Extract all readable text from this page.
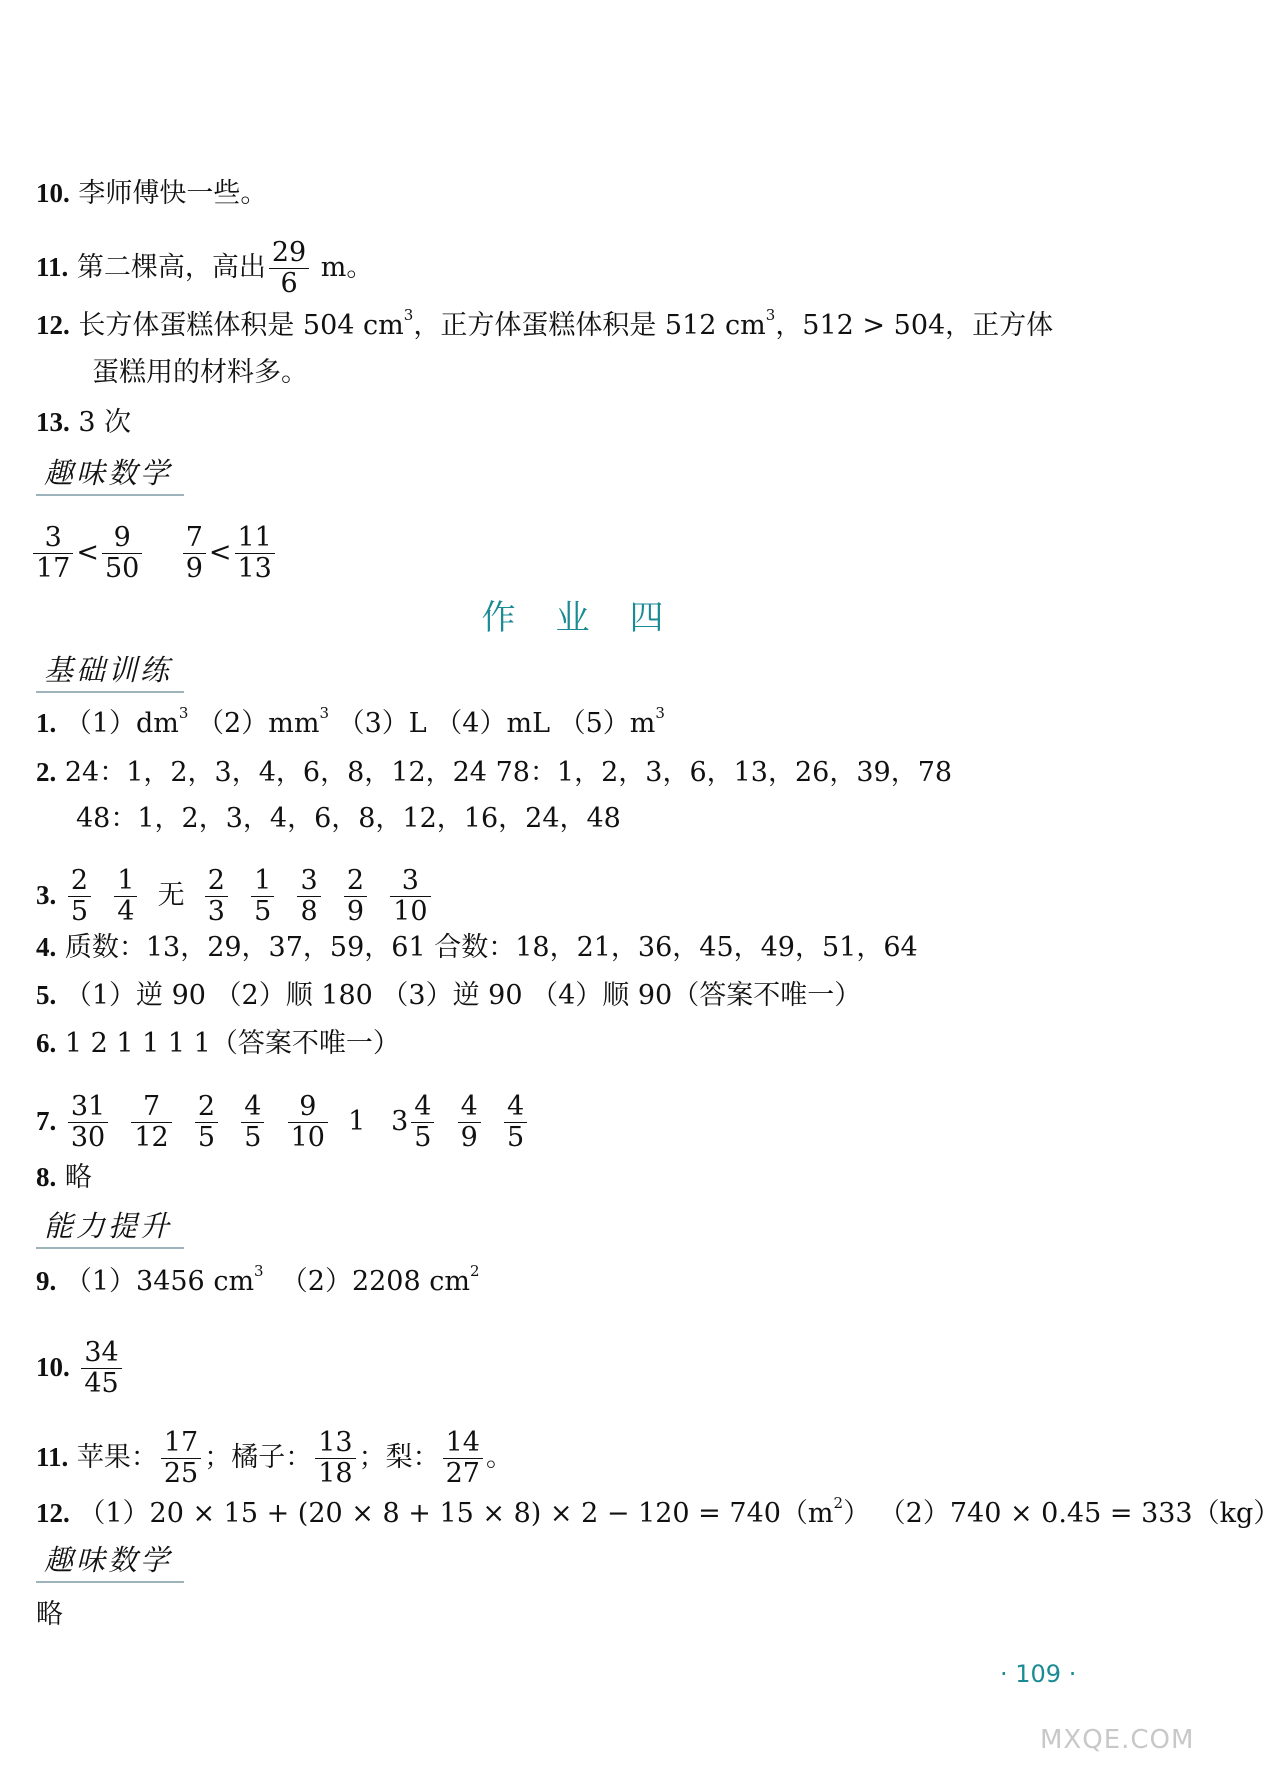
10. 李师傅快一些。
11. 第二棵高，高出 $\frac{29}{6}$ m。
12. 长方体蛋糕体积是 504 $cm^3$，正方体蛋糕体积是 512 $cm^3$，512 > 504，正方体
蛋糕用的材料多。
13. 3 次
趣味数学
$\frac{3}{17} < \frac{9}{50}$
$\frac{7}{9} < \frac{11}{13}$
作业四
基础训练
1. $(1)dm^3$ $(2)mm^3$ （3）L （4）mL $(5)m^3$
2. 24：1，2，3，4，6，8，12，24 78：1，2，3，6，13，26，39，78
48：1，2，3，4，6，8，12，16，24，48
3. $\frac{2}{5}$
$\frac{1}{4}$ 无 $\frac{2}{3}$
$\frac{1}{5}$
$\frac{3}{8}$
$\frac{2}{9}$
$\frac{3}{10}$
4. 质数：13，29，37，59，61 合数：18，21，36，45，49，51，64
5. （1）逆 90 （2）顺 180 （3）逆 90 （4）顺 90（答案不唯一）
6. 1 2 1 1 1 1（答案不唯一）
7. $\frac{31}{30}$
$\frac{7}{12}$
$\frac{2}{5}$
$\frac{4}{5}$
$\frac{9}{10} 1$ $3 \frac{4}{5}$
$\frac{4}{9}$
$\frac{4}{5}$
8. 略
能力提升
9. （1）3456 $cm^3$ （2）2208 $cm^2$
10. $\frac{34}{45}$
11. 苹果： $\frac{17}{25}$ ；橘子： $\frac{13}{18}$ ；梨： $\frac{14}{27}$ 。
12. $(1)20 \times 15 + (20 \times 8 + 15 \times 8) \times 2 - 120 = 740(m^2) (2)740 \times 0.45 = 333(kg)$
趣味数学
略
· 109 ·
MXQE.COM
